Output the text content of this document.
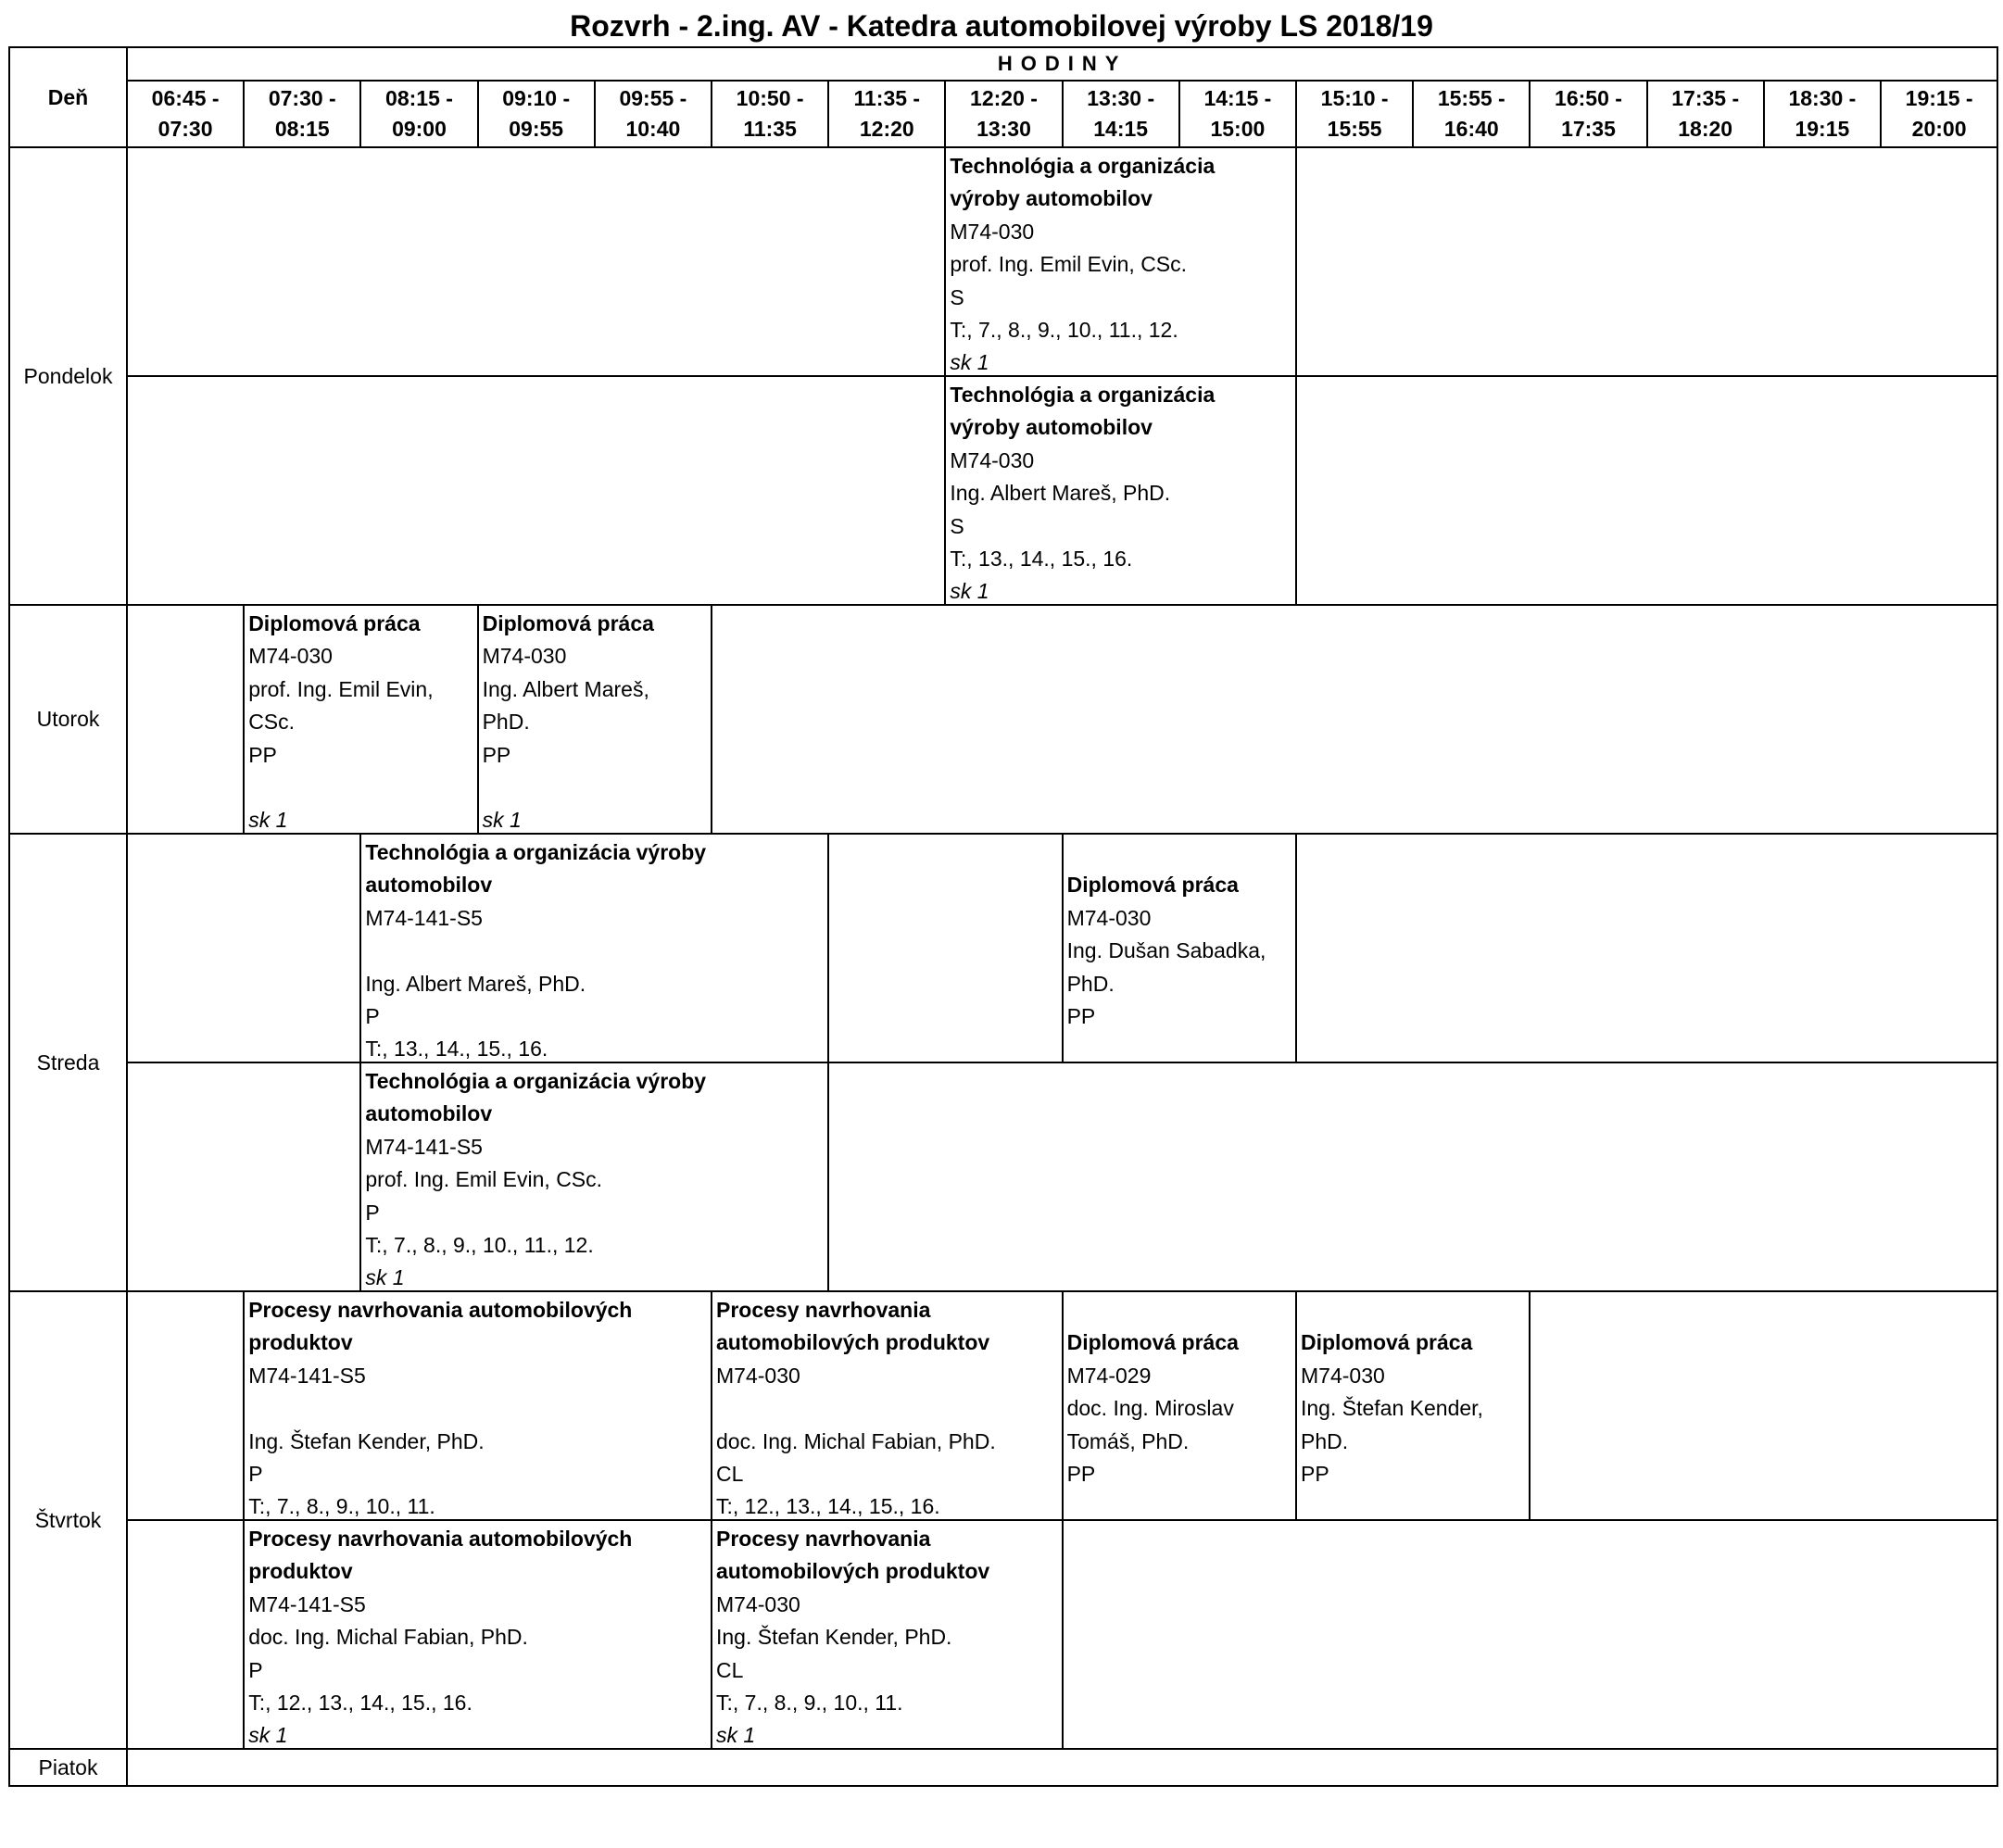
Rozvrh - 2.ing. AV - Katedra automobilovej výroby LS 2018/19
Deň
HODINY
06:45 -
07:30
07:30 -
08:15
08:15 -
09:00
09:10 -
09:55
09:55 -
10:40
10:50 -
11:35
11:35 -
12:20
12:20 -
13:30
13:30 -
14:15
14:15 -
15:00
15:10 -
15:55
15:55 -
16:40
16:50 -
17:35
17:35 -
18:20
18:30 -
19:15
19:15 -
20:00
Pondelok
Technológia a organizácia
výroby automobilov
M74-030
prof. Ing. Emil Evin, CSc.
S
T:, 7., 8., 9., 10., 11., 12.
sk 1
Technológia a organizácia
výroby automobilov
M74-030
Ing. Albert Mareš, PhD.
S
T:, 13., 14., 15., 16.
sk 1
Utorok
Diplomová práca
M74-030
prof. Ing. Emil Evin,
CSc.
PP
sk 1
Diplomová práca
M74-030
Ing. Albert Mareš,
PhD.
PP
sk 1
Streda
Technológia a organizácia výroby
automobilov
M74-141-S5
Ing. Albert Mareš, PhD.
P
T:, 13., 14., 15., 16.
Diplomová práca
M74-030
Ing. Dušan Sabadka,
PhD.
PP
Technológia a organizácia výroby
automobilov
M74-141-S5
prof. Ing. Emil Evin, CSc.
P
T:, 7., 8., 9., 10., 11., 12.
sk 1
Štvrtok
Procesy navrhovania automobilových
produktov
M74-141-S5
Ing. Štefan Kender, PhD.
P
T:, 7., 8., 9., 10., 11.
Procesy navrhovania
automobilových produktov
M74-030
doc. Ing. Michal Fabian, PhD.
CL
T:, 12., 13., 14., 15., 16.
Diplomová práca
M74-029
doc. Ing. Miroslav
Tomáš, PhD.
PP
Diplomová práca
M74-030
Ing. Štefan Kender,
PhD.
PP
Procesy navrhovania automobilových
produktov
M74-141-S5
doc. Ing. Michal Fabian, PhD.
P
T:, 12., 13., 14., 15., 16.
sk 1
Procesy navrhovania
automobilových produktov
M74-030
Ing. Štefan Kender, PhD.
CL
T:, 7., 8., 9., 10., 11.
sk 1
Piatok
